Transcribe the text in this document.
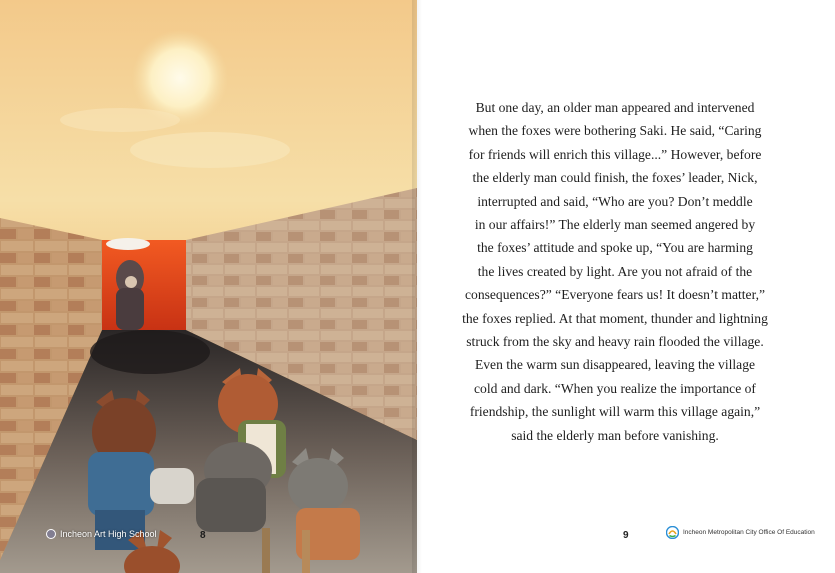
Incheon Art High School	8
But one day, an older man appeared and intervened
when the foxes were bothering Saki. He said, “Caring
for friends will enrich this village...” However, before
the elderly man could finish, the foxes’ leader, Nick,
interrupted and said, “Who are you? Don’t meddle
in our affairs!” The elderly man seemed angered by
the foxes’ attitude and spoke up, “You are harming
the lives created by light. Are you not afraid of the
consequences?” “Everyone fears us! It doesn’t matter,”
the foxes replied. At that moment, thunder and lightning
struck from the sky and heavy rain flooded the village.
Even the warm sun disappeared, leaving the village
cold and dark. “When you realize the importance of
friendship, the sunlight will warm this village again,”
said the elderly man before vanishing.
9	Incheon Metropolitan City Office Of Education
